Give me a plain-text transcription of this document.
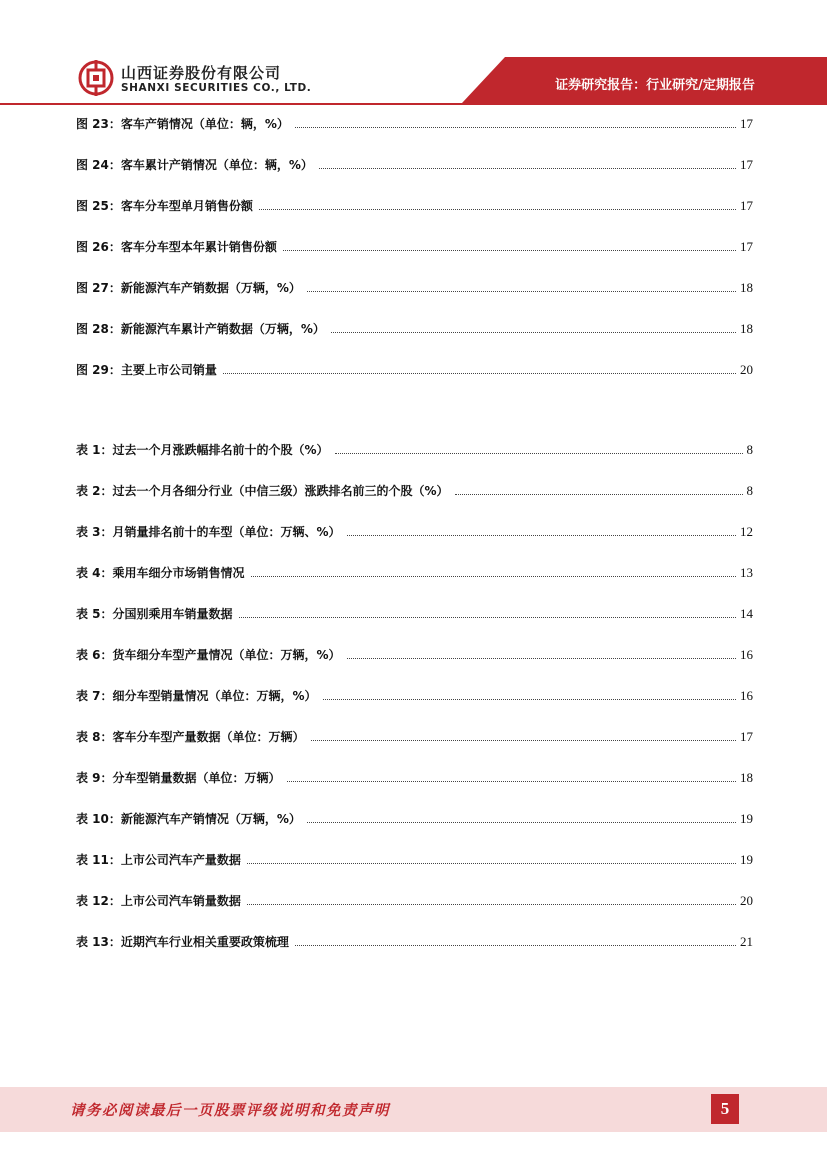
山西证券股份有限公司
SHANXI SECURITIES CO., LTD.	证券研究报告：行业研究/定期报告
图 23：客车产销情况（单位：辆，%）	17
图 24：客车累计产销情况（单位：辆，%）	17
图 25：客车分车型单月销售份额	17
图 26：客车分车型本年累计销售份额	17
图 27：新能源汽车产销数据（万辆，%）	18
图 28：新能源汽车累计产销数据（万辆，%）	18
图 29：主要上市公司销量	20
表 1：过去一个月涨跌幅排名前十的个股（%）	8
表 2：过去一个月各细分行业（中信三级）涨跌排名前三的个股（%）	8
表 3：月销量排名前十的车型（单位：万辆、%）	12
表 4：乘用车细分市场销售情况	13
表 5：分国别乘用车销量数据	14
表 6：货车细分车型产量情况（单位：万辆，%）	16
表 7：细分车型销量情况（单位：万辆，%）	16
表 8：客车分车型产量数据（单位：万辆）	17
表 9：分车型销量数据（单位：万辆）	18
表 10：新能源汽车产销情况（万辆，%）	19
表 11：上市公司汽车产量数据	19
表 12：上市公司汽车销量数据	20
表 13：近期汽车行业相关重要政策梳理	21
请务必阅读最后一页股票评级说明和免责声明	5
